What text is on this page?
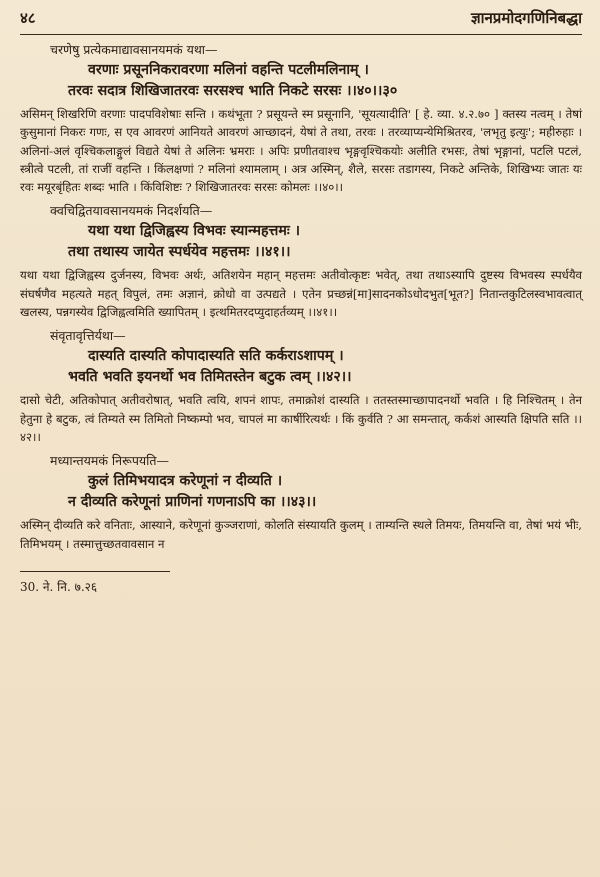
४८	ज्ञानप्रमोदगणिनिबद्धा
चरणेषु प्रत्येकमाद्यावसानयमकं यथा—

वरणाः प्रसूननिकरावरणा मलिनां वहन्ति पटलीमलिनाम् ।

तरवः सदात्र शिखिजातरवः सरसश्च भाति निकटे सरसः ।।४०।।३०

असिमन् शिखरिणि वरणाः पादपविशेषाः सन्ति । कथंभूता ? प्रसूयन्ते स्म प्रसूनानि, 'सूयत्यादीति' [ हे. व्या. ४.२.७० ] क्तस्य नत्वम् । तेषां कुसुमानां निकरः गणः, स एव आवरणं आनियते आवरणं आच्छादनं, येषां ते तथा, तरवः । तरव्याप्यन्येमिश्रितरव, 'लभृतु इत्युः'; महीरुहाः । अलिनां-अलं वृश्चिकलाङ्गुलं विद्यते येषां ते अलिनः भ्रमराः । अपिः प्रणीतवाश्च भृङ्गवृश्चिकयोः अलीति रभसः, तेषां भृङ्गानां, पटलि पटलं, स्त्रीत्वे पटली, तां राजीं वहन्ति । किंलक्षणां ? मलिनां श्यामलाम् । अत्र अस्मिन्, शैले, सरसः तडागस्य, निकटे अन्तिके, शिखिभ्यः जातः यः रवः मयूरबृंहितः शब्दः भाति । किंविशिष्टः ? शिखिजातरवः सरसः कोमलः ।।४०।।

क्वचिद्वितयावसानयमकं निदर्शयति—

यथा यथा द्विजिह्वस्य विभवः स्यान्महत्तमः ।

तथा तथास्य जायेत स्पर्धयेव महत्तमः ।।४१।।

यथा यथा द्विजिह्वस्य दुर्जनस्य, विभवः अर्थः, अतिशयेन महान् महत्तमः अतीवोत्कृष्टः भवेत्, तथा तथाऽस्यापि दुष्टस्य विभवस्य स्पर्धयैव संघर्षणैव महत्यते महत् विपुलं, तमः अज्ञानं, क्रोधो वा उत्पद्यते । एतेन प्रच्छन्नं[मा]सादनकोऽधोदभुत[भूत?] नितान्तकुटिलस्वभावत्वात् खलस्य, पन्नगस्येव द्विजिह्वत्वमिति ख्यापितम् । इत्थमितरदप्युदाहर्तव्यम् ।।४१।।

संवृतावृत्तिर्यथा—

दास्यति दास्यति कोपादास्यति सति कर्कराऽशापम् ।

भवति भवति इयनर्थो भव तिमितस्तेन बटुक त्वम् ।।४२।।

दासो चेटी, अतिकोपात् अतीवरोषात्, भवति त्वयि, शपनं शापः, तमाक्रोशं दास्यति । ततस्तस्माच्छापादनर्थो भवति । हि निश्चितम् । तेन हेतुना हे बटुक, त्वं तिम्यते स्म तिमितो निष्कम्पो भव, चापलं मा कार्षीरित्यर्थः । किं कुर्वति ? आ समन्तात्, कर्कशं आस्यति क्षिपति सति ।।४२।।

मध्यान्तयमकं निरूपयति—

कुलं तिमिभयादत्र करेणूनां न दीव्यति ।

न दीव्यति करेणूनां प्राणिनां गणनाऽपि का ।।४३।।

अस्मिन् दीव्यति करे वनिताः, आस्याने, करेणूनां कुञ्जराणां, कोलति संस्यायति कुलम् । ताम्यन्ति स्थले तिमयः, तिमयन्ति वा, तेषां भयं भीः, तिमिभयम् । तस्मात्तुच्छतवावसान न

30. ने. नि. ७.२६
